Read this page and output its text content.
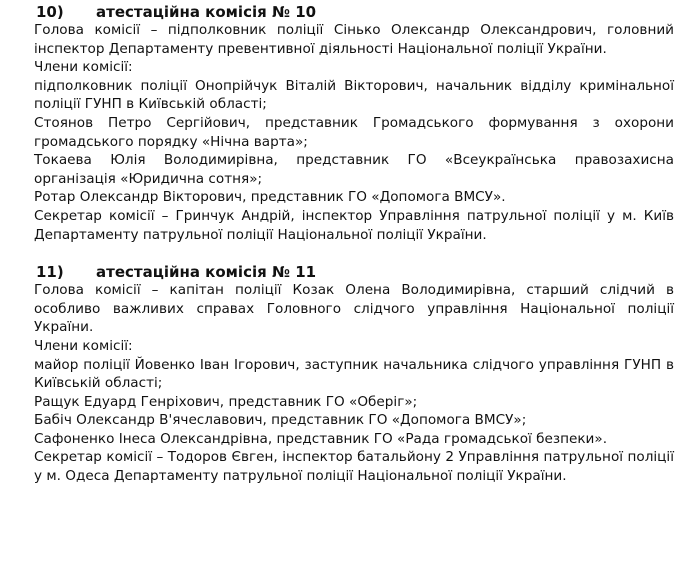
10) атестаційна комісія № 10

Голова комісії – підполковник поліції Сінько Олександр Олександрович, головний інспектор Департаменту превентивної діяльності Національної поліції України.

Члени комісії:

підполковник поліції Онопрійчук Віталій Вікторович, начальник відділу кримінальної поліції ГУНП в Київській області;

Стоянов Петро Сергійович, представник Громадського формування з охорони громадського порядку «Нічна варта»;

Токаева Юлія Володимирівна, представник ГО «Всеукраїнська правозахисна організація «Юридична сотня»;

Ротар Олександр Вікторович, представник ГО «Допомога ВМСУ».

Секретар комісії – Гринчук Андрій, інспектор Управління патрульної поліції у м. Київ Департаменту патрульної поліції Національної поліції України.

11) атестаційна комісія № 11

Голова комісії – капітан поліції Козак Олена Володимирівна, старший слідчий в особливо важливих справах Головного слідчого управління Національної поліції України.

Члени комісії:

майор поліції Йовенко Іван Ігорович, заступник начальника слідчого управління ГУНП в Київській області;

Ращук Едуард Генріхович, представник ГО «Оберіг»;

Бабіч Олександр В'ячеславович, представник ГО «Допомога ВМСУ»;

Сафоненко Інеса Олександрівна, представник ГО «Рада громадської безпеки».

Секретар комісії – Тодоров Євген, інспектор батальйону 2 Управління патрульної поліції у м. Одеса Департаменту патрульної поліції Національної поліції України.
